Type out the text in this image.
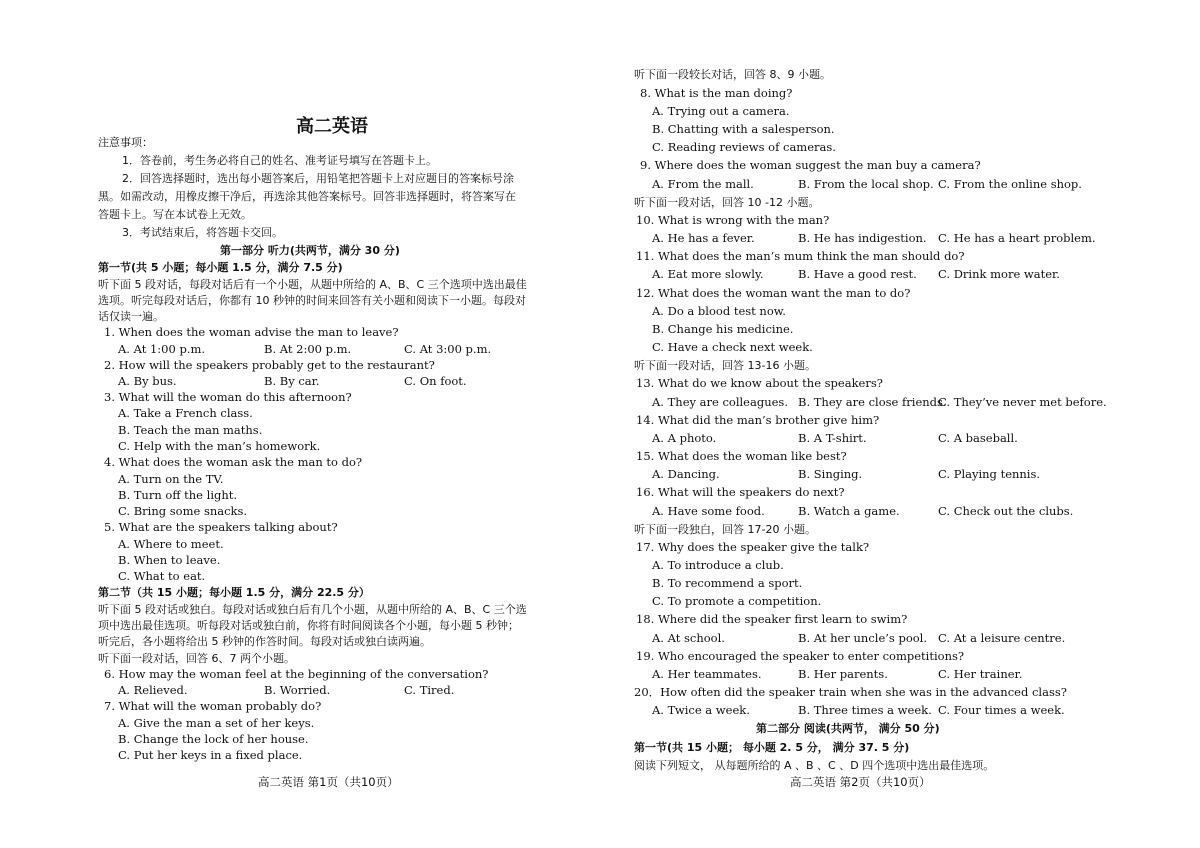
高二英语
注意事项：
1．答卷前，考生务必将自己的姓名、准考证号填写在答题卡上。
2．回答选择题时，选出每小题答案后，用铅笔把答题卡上对应题目的答案标号涂
黑。如需改动，用橡皮擦干净后，再选涂其他答案标号。回答非选择题时，将答案写在
答题卡上。写在本试卷上无效。
3．考试结束后，将答题卡交回。
第一部分 听力(共两节，满分 30 分)
第一节(共 5 小题；每小题 1.5 分，满分 7.5 分)
听下面 5 段对话，每段对话后有一个小题，从题中所给的 A、B、C 三个选项中选出最佳
选项。听完每段对话后，你都有 10 秒钟的时间来回答有关小题和阅读下一小题。每段对
话仅读一遍。
1. When does the woman advise the man to leave?
A. At 1:00 p.m.	B. At 2:00 p.m.	C. At 3:00 p.m.
2. How will the speakers probably get to the restaurant?
A. By bus.	B. By car.	C. On foot.
3. What will the woman do this afternoon?
A. Take a French class.
B. Teach the man maths.
C. Help with the man’s homework.
4. What does the woman ask the man to do?
A. Turn on the TV.
B. Turn off the light.
C. Bring some snacks.
5. What are the speakers talking about?
A. Where to meet.
B. When to leave.
C. What to eat.
第二节（共 15 小题；每小题 1.5 分，满分 22.5 分）
听下面 5 段对话或独白。每段对话或独白后有几个小题，从题中所给的 A、B、C 三个选
项中选出最佳选项。听每段对话或独白前，你将有时间阅读各个小题，每小题 5 秒钟；
听完后，各小题将给出 5 秒钟的作答时间。每段对话或独白读两遍。
听下面一段对话，回答 6、7 两个小题。
6. How may the woman feel at the beginning of the conversation?
A. Relieved.	B. Worried.	C. Tired.
7. What will the woman probably do?
A. Give the man a set of her keys.
B. Change the lock of her house.
C. Put her keys in a fixed place.
高二英语 第1页（共10页）
听下面一段较长对话，回答 8、9 小题。
8. What is the man doing?
A. Trying out a camera.
B. Chatting with a salesperson.
C. Reading reviews of cameras.
9. Where does the woman suggest the man buy a camera?
A. From the mall.	B. From the local shop. C. From the online shop.
听下面一段对话，回答 10 -12 小题。
10. What is wrong with the man?
A. He has a fever.	B. He has indigestion. C. He has a heart problem.
11. What does the man’s mum think the man should do?
A. Eat more slowly.	B. Have a good rest. C. Drink more water.
12. What does the woman want the man to do?
A. Do a blood test now.
B. Change his medicine.
C. Have a check next week.
听下面一段对话，回答 13-16 小题。
13. What do we know about the speakers?
A. They are colleagues. B. They are close friends.
C. They’ve never met before.
14. What did the man’s brother give him?
A. A photo.	B. A T-shirt.	C. A baseball.
15. What does the woman like best?
A. Dancing.	B. Singing.	C. Playing tennis.
16. What will the speakers do next?
A. Have some food.	B. Watch a game.	C. Check out the clubs.
听下面一段独白，回答 17-20 小题。
17. Why does the speaker give the talk?
A. To introduce a club.
B. To recommend a sport.
C. To promote a competition.
18. Where did the speaker first learn to swim?
A. At school.	B. At her uncle’s pool. C. At a leisure centre.
19. Who encouraged the speaker to enter competitions?
A. Her teammates.	B. Her parents.	C. Her trainer.
20．How often did the speaker train when she was in the advanced class?
A. Twice a week.	B. Three times a week. C. Four times a week.
第二部分 阅读(共两节， 满分 50 分)
第一节(共 15 小题； 每小题 2. 5 分， 满分 37. 5 分)
阅读下列短文， 从每题所给的 A 、B 、C 、D 四个选项中选出最佳选项。
高二英语 第2页（共10页）
